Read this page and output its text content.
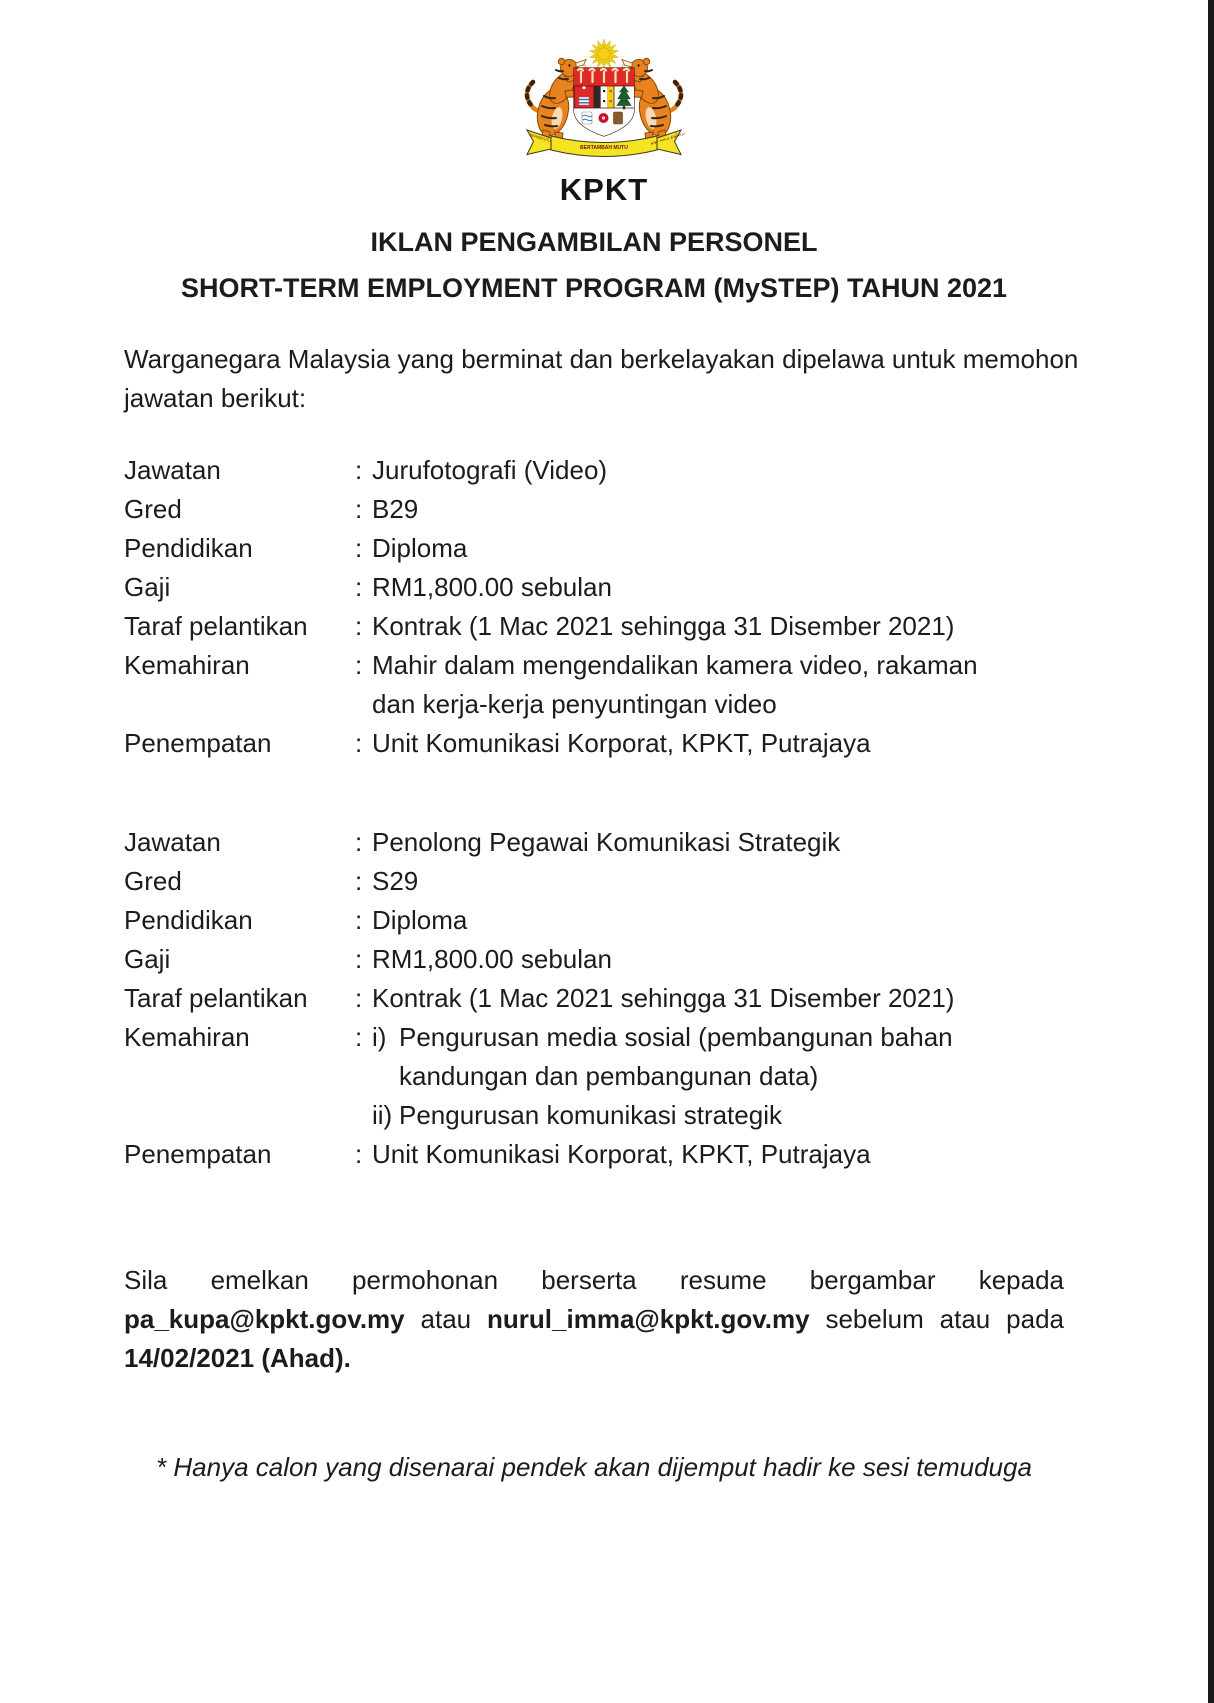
BERSEKUTU	برسكوتو برتمبه موتو
BERTAMBAH MUTU
KPKT
IKLAN PENGAMBILAN PERSONEL
SHORT-TERM EMPLOYMENT PROGRAM (MySTEP) TAHUN 2021
Warganegara Malaysia yang berminat dan berkelayakan dipelawa untuk memohon
jawatan berikut:
Jawatan	: Jurufotografi (Video)
Gred	: B29
Pendidikan	: Diploma
Gaji	: RM1,800.00 sebulan
Taraf pelantikan	: Kontrak (1 Mac 2021 sehingga 31 Disember 2021)
Kemahiran	: Mahir dalam mengendalikan kamera video, rakaman
dan kerja-kerja penyuntingan video
Penempatan	: Unit Komunikasi Korporat, KPKT, Putrajaya
Jawatan	: Penolong Pegawai Komunikasi Strategik
Gred	: S29
Pendidikan	: Diploma
Gaji	: RM1,800.00 sebulan
Taraf pelantikan	: Kontrak (1 Mac 2021 sehingga 31 Disember 2021)
Kemahiran	: i) Pengurusan media sosial (pembangunan bahan
kandungan dan pembangunan data)
ii) Pengurusan komunikasi strategik
Penempatan	: Unit Komunikasi Korporat, KPKT, Putrajaya
Sila emelkan permohonan berserta resume bergambar kepada
pa_kupa@kpkt.gov.my atau nurul_imma@kpkt.gov.my sebelum atau pada
14/02/2021 (Ahad).
* Hanya calon yang disenarai pendek akan dijemput hadir ke sesi temuduga
